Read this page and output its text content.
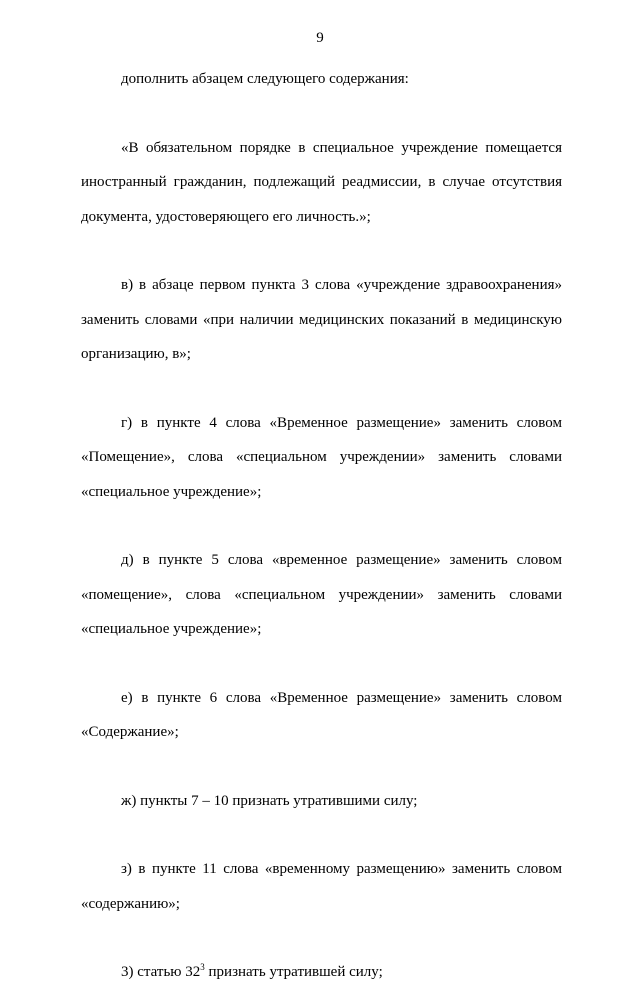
9

дополнить абзацем следующего содержания:

«В обязательном порядке в специальное учреждение помещается иностранный гражданин, подлежащий реадмиссии, в случае отсутствия документа, удостоверяющего его личность.»;

в) в абзаце первом пункта 3 слова «учреждение здравоохранения» заменить словами «при наличии медицинских показаний в медицинскую организацию, в»;

г) в пункте 4 слова «Временное размещение» заменить словом «Помещение», слова «специальном учреждении» заменить словами «специальное учреждение»;

д) в пункте 5 слова «временное размещение» заменить словом «помещение», слова «специальном учреждении» заменить словами «специальное учреждение»;

е) в пункте 6 слова «Временное размещение» заменить словом «Содержание»;

ж) пункты 7 – 10 признать утратившими силу;

з) в пункте 11 слова «временному размещению» заменить словом «содержанию»;

3) статью $32^3$ признать утратившей силу;
